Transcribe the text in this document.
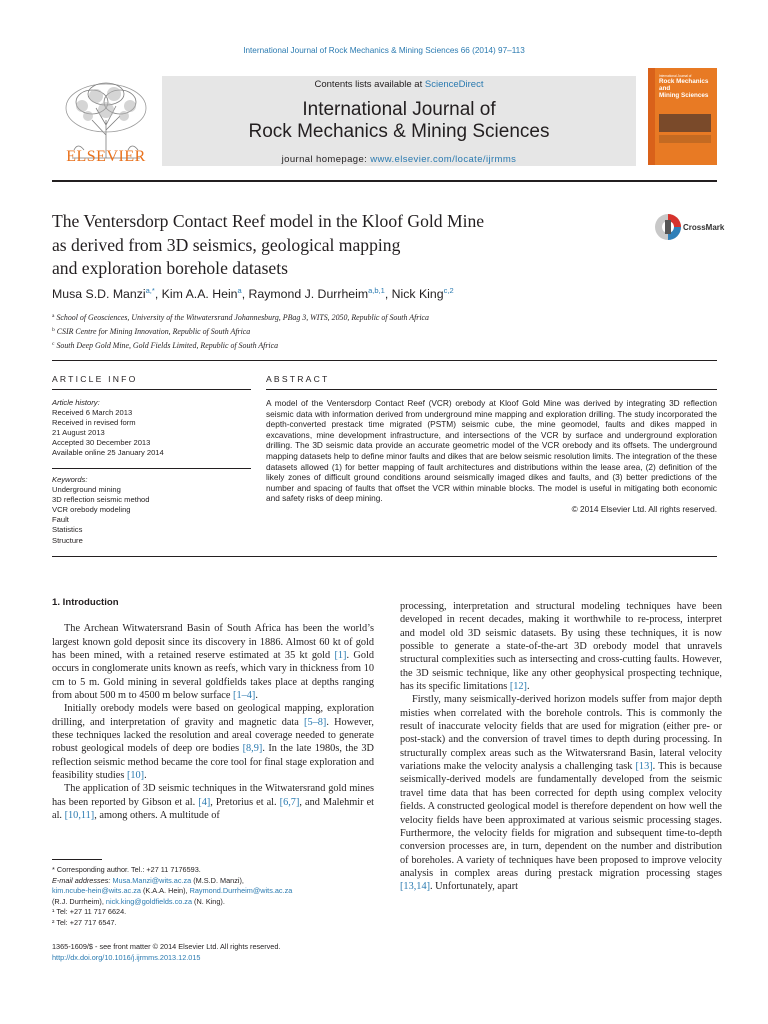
International Journal of Rock Mechanics & Mining Sciences 66 (2014) 97–113
ELSEVIER
Contents lists available at ScienceDirect
International Journal of
Rock Mechanics & Mining Sciences
journal homepage: www.elsevier.com/locate/ijrmms
International Journal of
Rock Mechanics
and
Mining Sciences
The Ventersdorp Contact Reef model in the Kloof Gold Mine
as derived from 3D seismics, geological mapping
and exploration borehole datasets
CrossMark
Musa S.D. Manzi$^{a,*}$, Kim A.A. Hein$^a$, Raymond J. Durrheim$^{a,b,1}$, Nick King$^{c,2}$
$^a$ School of Geosciences, University of the Witwatersrand Johannesburg, PBag 3, WITS, 2050, Republic of South Africa
$^b$ CSIR Centre for Mining Innovation, Republic of South Africa
$^c$ South Deep Gold Mine, Gold Fields Limited, Republic of South Africa
ARTICLE INFO	ABSTRACT
Article history:
Received 6 March 2013
Received in revised form
21 August 2013
Accepted 30 December 2013
Available online 25 January 2014
Keywords:
Underground mining
3D reflection seismic method
VCR orebody modeling
Fault
Statistics
Structure
A model of the Ventersdorp Contact Reef (VCR) orebody at Kloof Gold Mine was derived by integrating 3D reflection seismic data with information derived from underground mine mapping and exploration drilling. The study incorporated the depth-converted prestack time migrated (PSTM) seismic cube, the mine geomodel, faults and dikes mapped in excavations, mine development infrastructure, and intersections of the VCR by surface and underground exploration drilling. The 3D seismic data provide an accurate geometric model of the VCR orebody and its offsets. The underground mapping datasets help to define minor faults and dikes that are below seismic resolution limits. The integration of the these datasets allowed (1) for better mapping of fault architectures and distributions within the lease area, (2) definition of the likely zones of difficult ground conditions around seismically imaged dikes and faults, and (3) better predictions of the number and spacing of faults that offset the VCR within minable blocks. The model is useful in mitigating both economic and safety risks of deep mining.
© 2014 Elsevier Ltd. All rights reserved.
1. Introduction
The Archean Witwatersrand Basin of South Africa has been the world’s largest known gold deposit since its discovery in 1886. Almost 60 kt of gold has been mined, with a retained reserve estimated at 35 kt gold [1]. Gold occurs in conglomerate units known as reefs, which vary in thickness from 10 cm to 5 m. Gold mining in several goldfields takes place at depths ranging from about 500 m to 4500 m below surface [1–4].
Initially orebody models were based on geological mapping, exploration drilling, and interpretation of gravity and magnetic data [5–8]. However, these techniques lacked the resolution and areal coverage needed to generate robust geological models of deep ore bodies [8,9]. In the late 1980s, the 3D reflection seismic method became the core tool for final stage exploration and feasibility studies [10].
The application of 3D seismic techniques in the Witwatersrand gold mines has been reported by Gibson et al. [4], Pretorius et al. [6,7], and Malehmir et al. [10,11], among others. A multitude of
processing, interpretation and structural modeling techniques have been developed in recent decades, making it worthwhile to re-process, interpret and model old 3D seismic datasets. By using these techniques, it is now possible to generate a state-of-the-art 3D orebody model that unravels structural complexities such as intersecting and cross-cutting faults. However, the 3D seismic technique, like any other geophysical prospecting technique, has its specific limitations [12].
Firstly, many seismically-derived horizon models suffer from major depth misties when correlated with the borehole controls. This is commonly the result of inaccurate velocity fields that are used for migration (either pre- or post-stack) and the conversion of travel times to depth during processing. In structurally complex areas such as the Witwatersrand Basin, lateral velocity variations make the velocity analysis a challenging task [13]. This is because seismically-derived models are fundamentally developed from the seismic travel time data that has been corrected for depth using complex velocity fields. A constructed geological model is therefore dependent on how well the velocity fields have been approximated at various seismic processing stages. Furthermore, the velocity fields for migration and subsequent time-to-depth conversion processes are, in turn, dependent on the number and distribution of boreholes. A variety of techniques have been proposed to improve velocity analysis in complex areas during prestack migration processing stages [13,14]. Unfortunately, apart
* Corresponding author. Tel.: +27 11 7176593.
E-mail addresses: Musa.Manzi@wits.ac.za (M.S.D. Manzi),
kim.ncube-hein@wits.ac.za (K.A.A. Hein), Raymond.Durrheim@wits.ac.za
(R.J. Durrheim), nick.king@goldfields.co.za (N. King).
¹ Tel: +27 11 717 6624.
² Tel: +27 717 6547.
1365-1609/$ - see front matter © 2014 Elsevier Ltd. All rights reserved.
http://dx.doi.org/10.1016/j.ijrmms.2013.12.015
